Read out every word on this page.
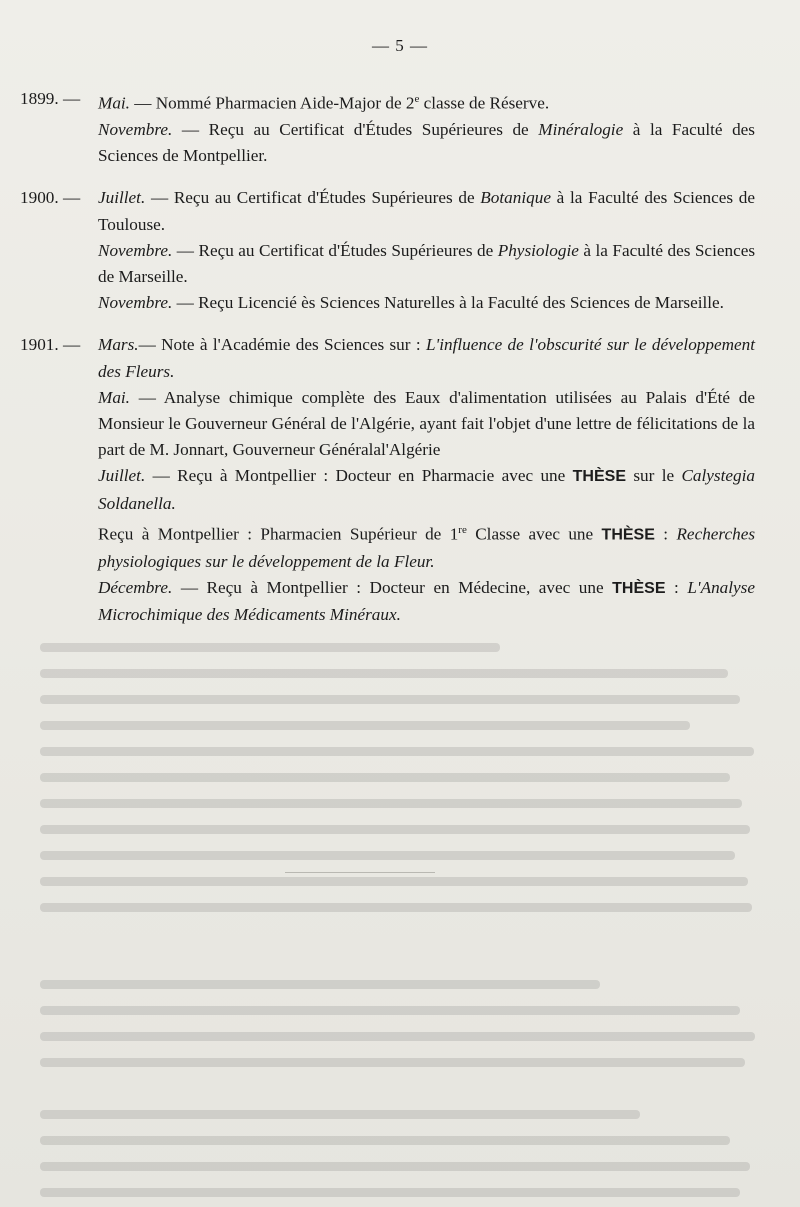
— 5 —
1899. —	Mai. — Nommé Pharmacien Aide-Major de 2e classe de Réserve.
Novembre. — Reçu au Certificat d'Études Supérieures de Minéralogie à la Faculté des Sciences de Montpellier.
1900. —	Juillet. — Reçu au Certificat d'Études Supérieures de Botanique à la Faculté des Sciences de Toulouse.
Novembre. — Reçu au Certificat d'Études Supérieures de Physiologie à la Faculté des Sciences de Marseille.
Novembre. — Reçu Licencié ès Sciences Naturelles à la Faculté des Sciences de Marseille.
1901. —	Mars.— Note à l'Académie des Sciences sur : L'influence de l'obscurité sur le développement des Fleurs.
Mai. — Analyse chimique complète des Eaux d'alimentation utilisées au Palais d'Été de Monsieur le Gouverneur Général de l'Algérie, ayant fait l'objet d'une lettre de félicitations de la part de M. Jonnart, Gouverneur Généralal'Algérie
Juillet. — Reçu à Montpellier : Docteur en Pharmacie avec une THÈSE sur le Calystegia Soldanella.
Reçu à Montpellier : Pharmacien Supérieur de 1re Classe avec une THÈSE : Recherches physiologiques sur le développement de la Fleur.
Décembre. — Reçu à Montpellier : Docteur en Médecine, avec une THÈSE : L'Analyse Microchimique des Médicaments Minéraux.
